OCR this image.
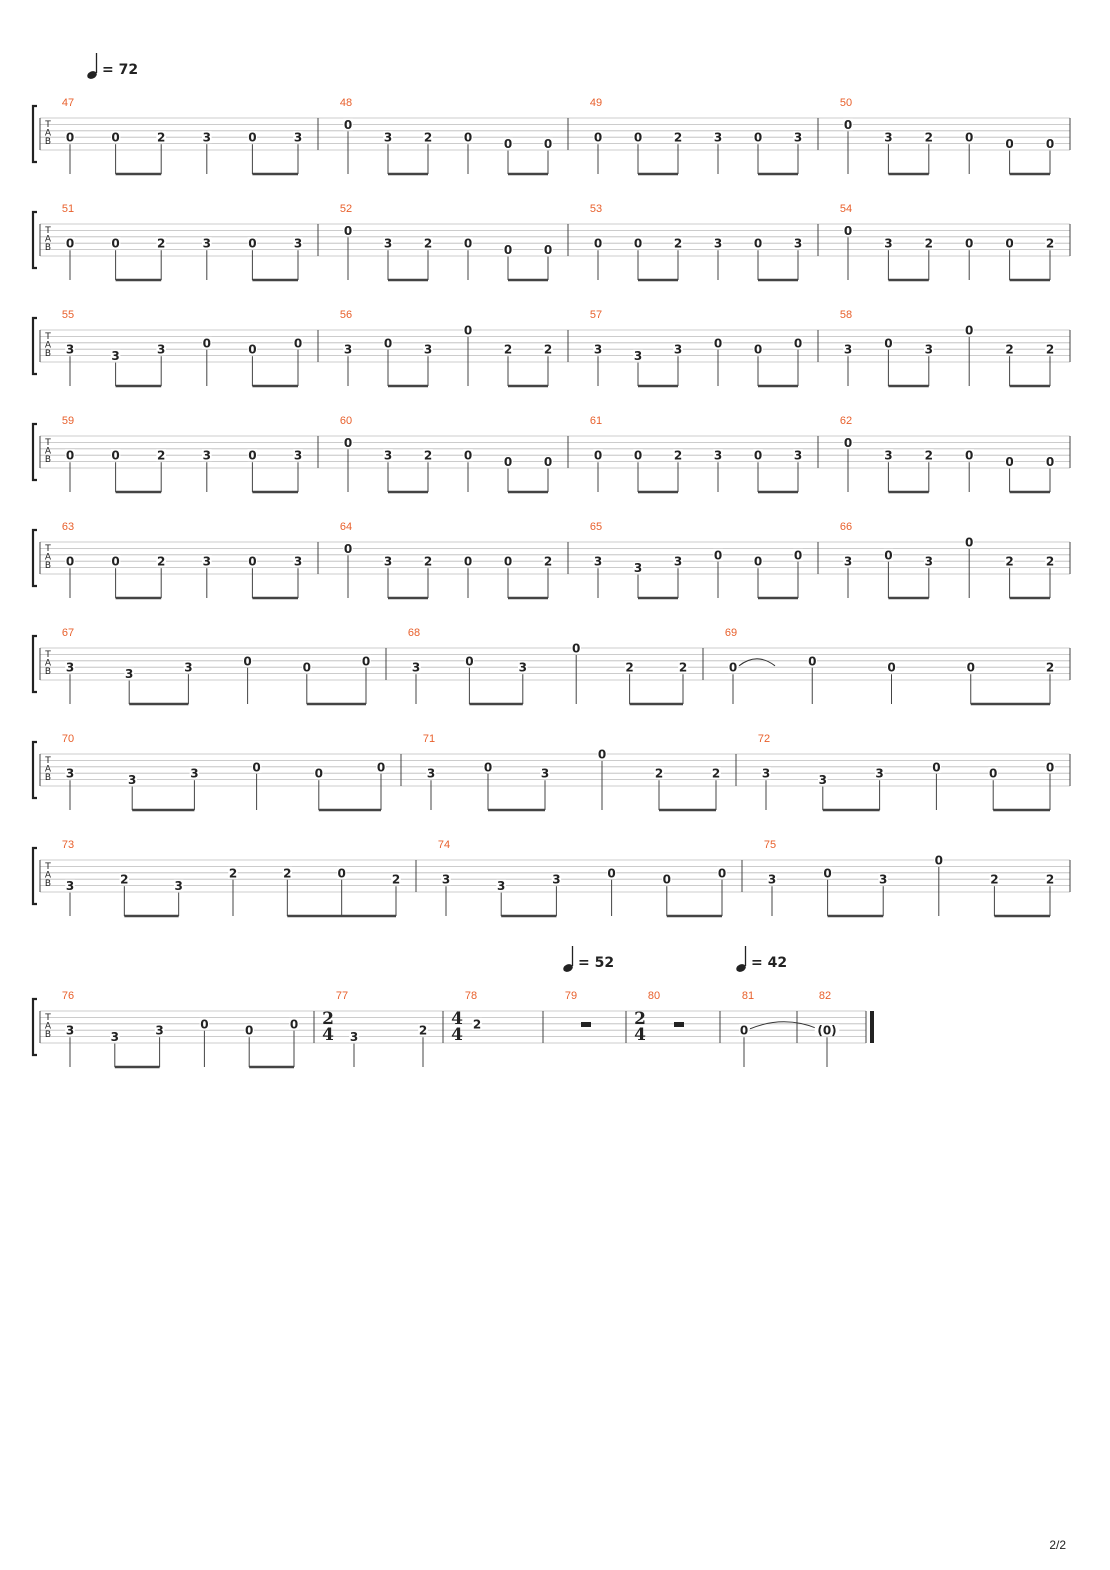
= 72
= 52	= 42
T
A
B
47
0	0	2	3	0	3
48
0
3	2	0	0	0
49
0	0	2	3	0	3
50
0
3	2	0	0	0
T
A
B
51
0	0	2	3	0	3
52
0
3	2	0	0	0
53
0	0	2	3	0	3
54
0
3	2	0	0	2
T
A
B
55
3	3	3	0	0	0
56
3	0	3
0
2	2
57
3	3	3	0	0	0
58
3	0	3
0
2	2
T
A
B
59
0	0	2	3	0	3
60
0
3	2	0	0	0
61
0	0	2	3	0	3
62
0
3	2	0	0	0
T
A
B
63
0	0	2	3	0	3
64
0
3	2	0	0	2
65
3	3	3	0	0	0
66
3	0	3
0
2	2
T
A
B
67
3	3	3	0	0	0
68
3	0	3
0
2	2
69
0	0	0	0	2
T
A
B
70
3	3	3	0	0	0
71
3	0	3
0
2	2
72
3	3	3	0	0	0
T
A
B
73
3	2	3
2	2	0	2
74
3	3	3	0	0	0
75
3	0	3
0
2	2
T
A
B
76
3	3	3	0	0	0
77
2
4 3	2
78
4
4
2
79	80
2
4
81
0
82
(0)
2/2
